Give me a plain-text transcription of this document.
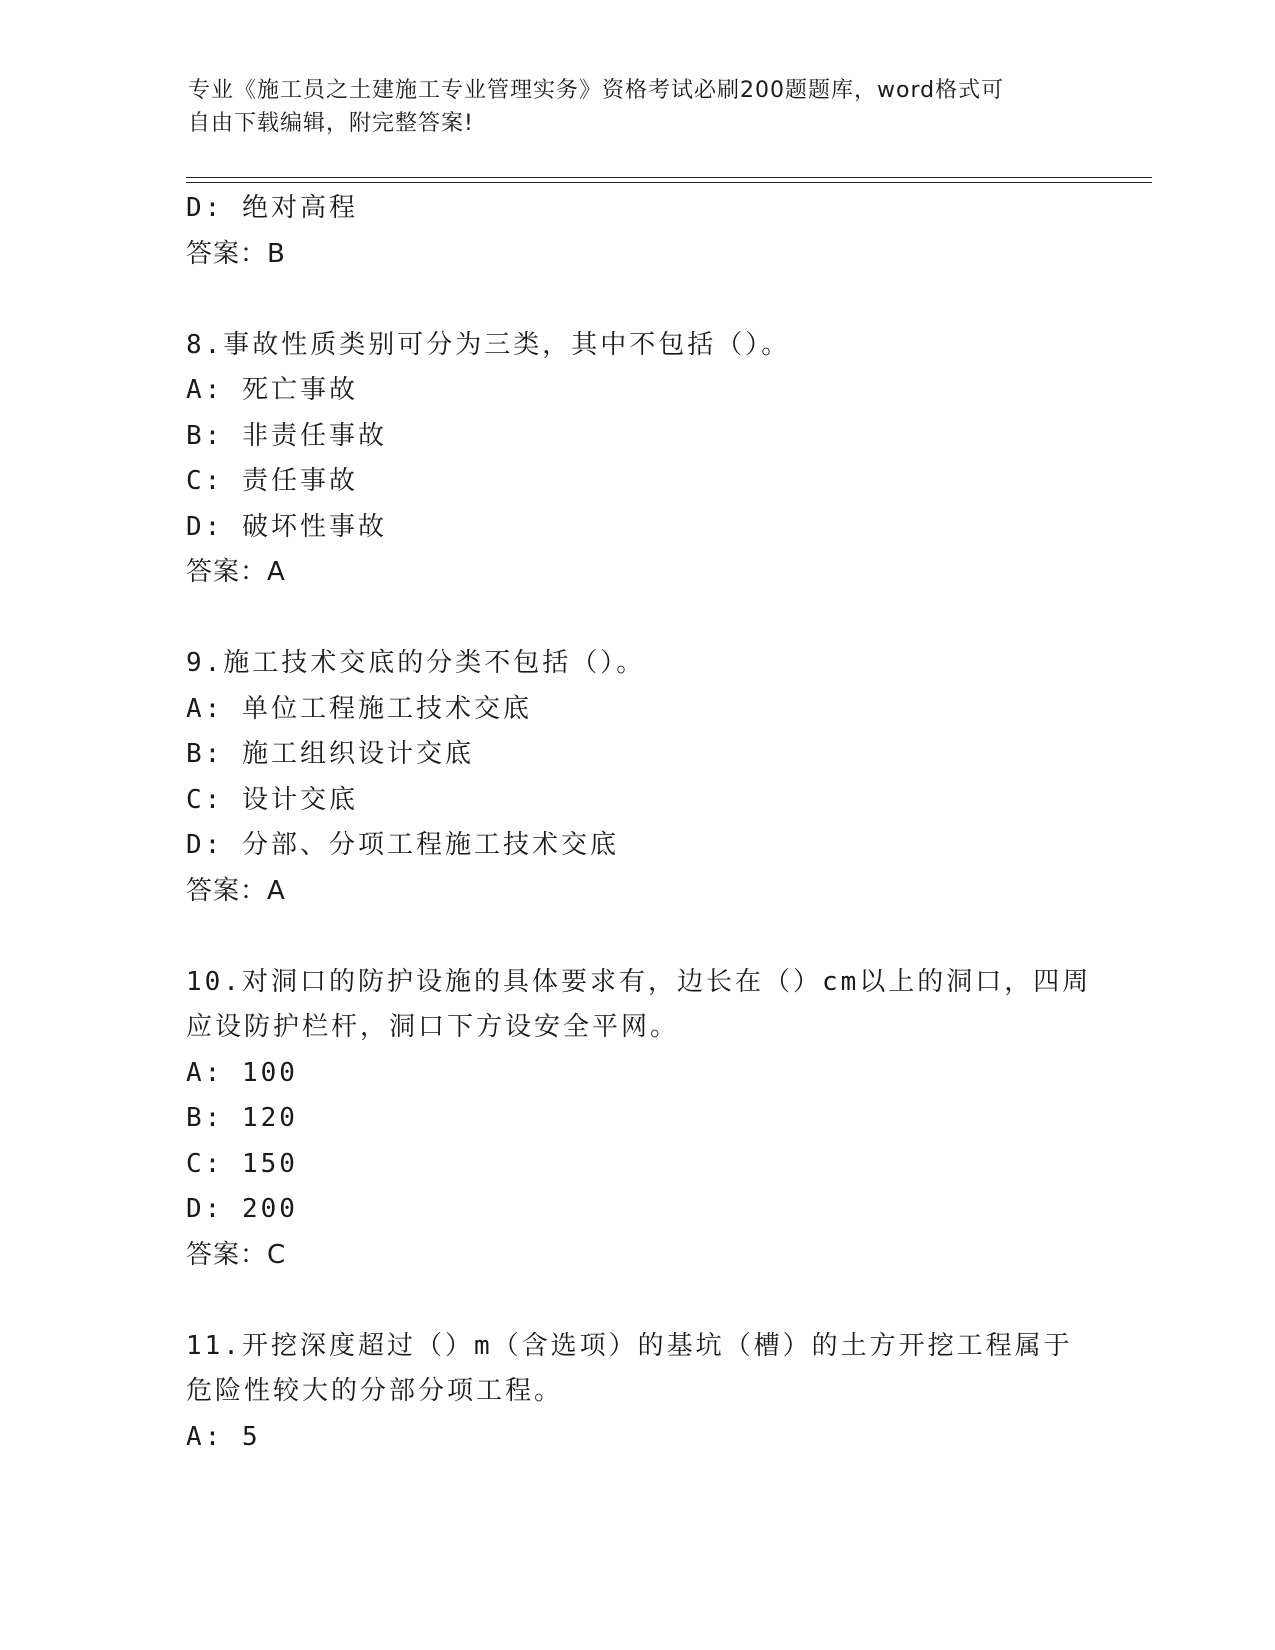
专业《施工员之土建施工专业管理实务》资格考试必刷200题题库，word格式可
自由下载编辑，附完整答案!
D: 绝对高程
答案：B
8.事故性质类别可分为三类，其中不包括（）。
A: 死亡事故
B: 非责任事故
C: 责任事故
D: 破坏性事故
答案：A
9.施工技术交底的分类不包括（）。
A: 单位工程施工技术交底
B: 施工组织设计交底
C: 设计交底
D: 分部、分项工程施工技术交底
答案：A
10.对洞口的防护设施的具体要求有，边长在（）cm以上的洞口，四周
应设防护栏杆，洞口下方设安全平网。
A: 100
B: 120
C: 150
D: 200
答案：C
11.开挖深度超过（）m（含选项）的基坑（槽）的土方开挖工程属于
危险性较大的分部分项工程。
A: 5
